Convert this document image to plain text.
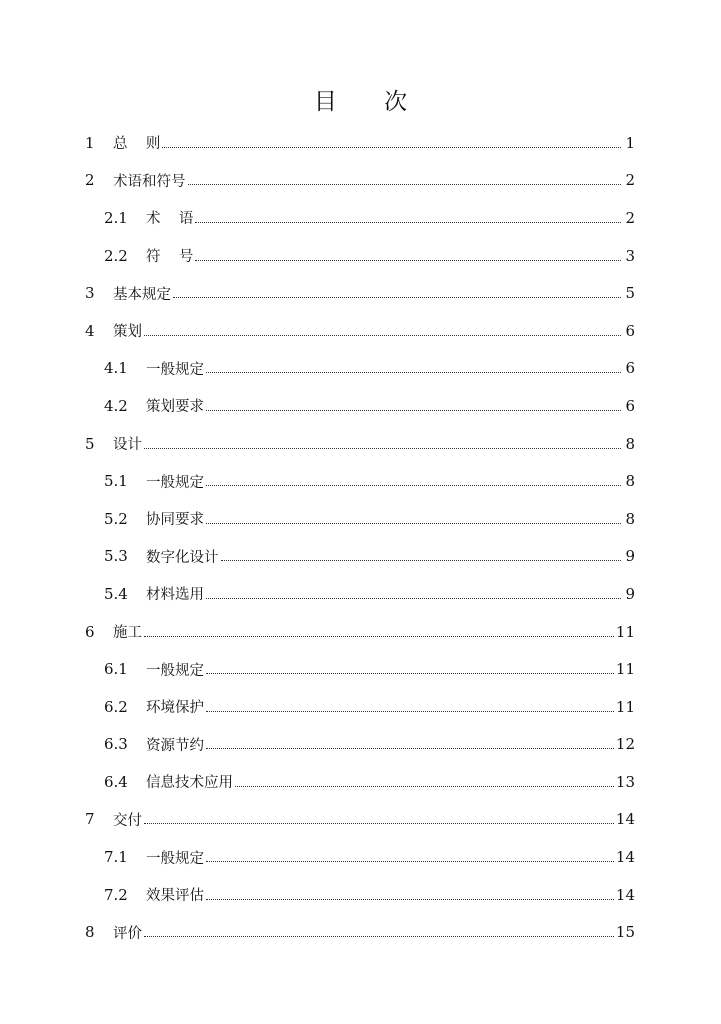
目 次
1	总    则	1
2	术语和符号	2
2.1	术    语	2
2.2	符    号	3
3	基本规定	5
4	策划	6
4.1	一般规定	6
4.2	策划要求	6
5	设计	8
5.1	一般规定	8
5.2	协同要求	8
5.3	数字化设计	9
5.4	材料选用	9
6	施工	11
6.1	一般规定	11
6.2	环境保护	11
6.3	资源节约	12
6.4	信息技术应用	13
7	交付	14
7.1	一般规定	14
7.2	效果评估	14
8	评价	15
